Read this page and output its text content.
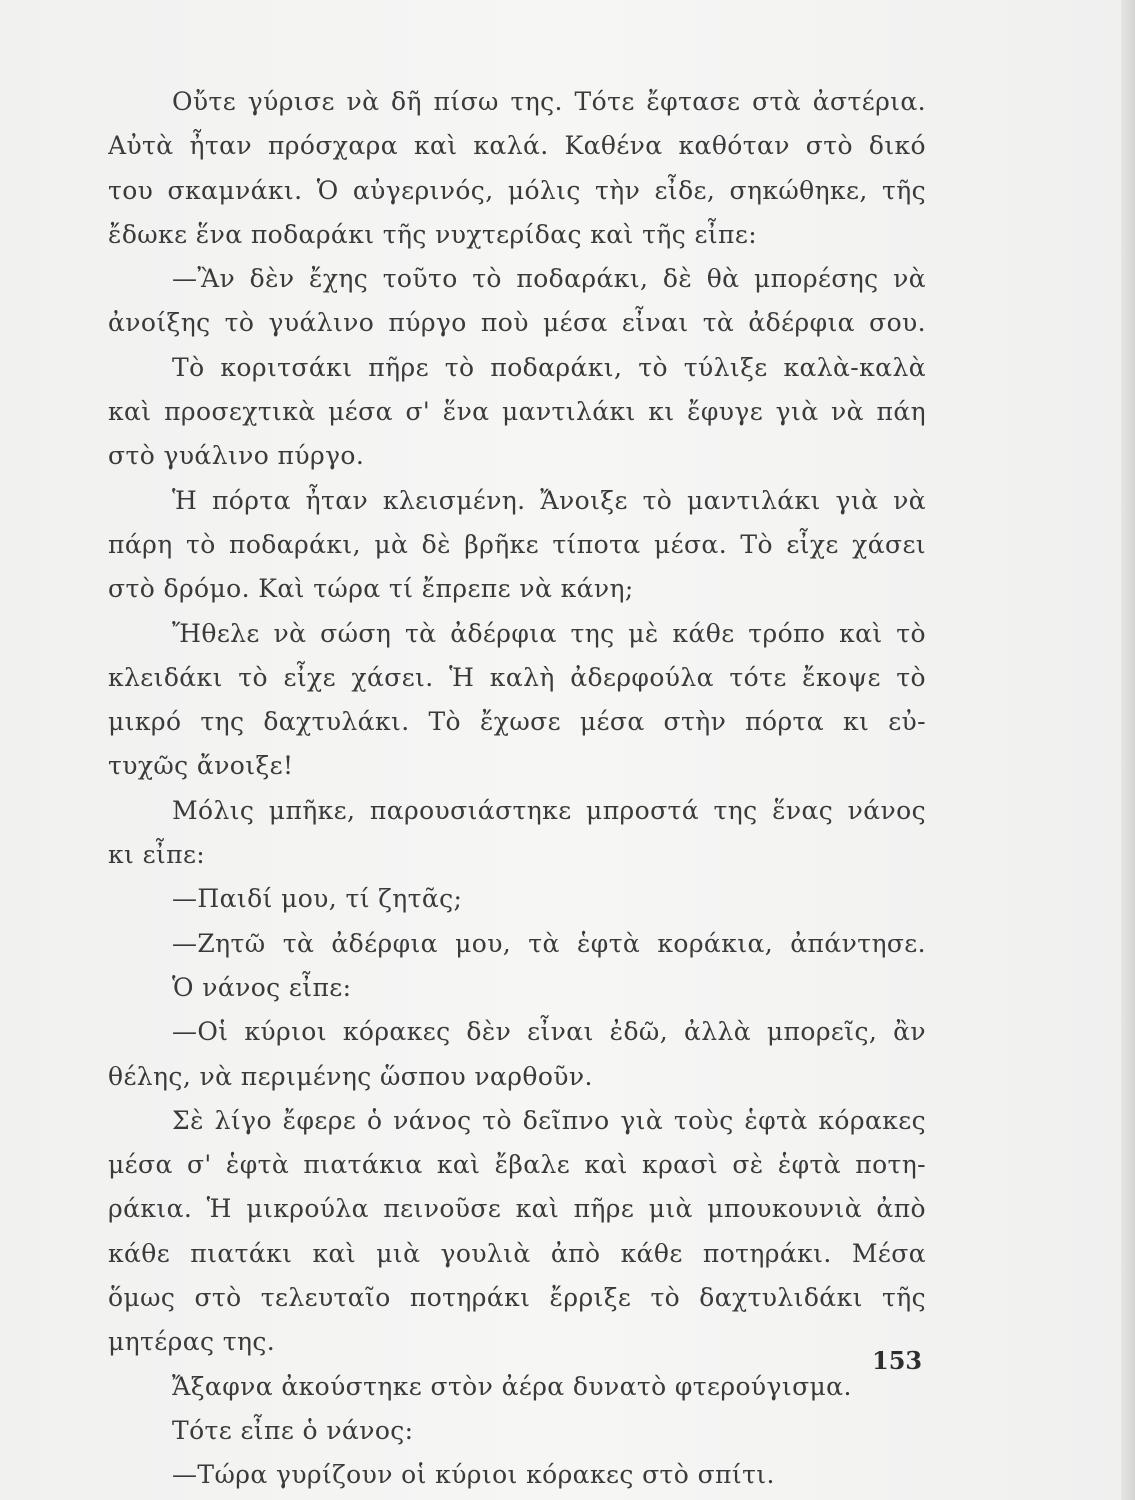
Οὔτε γύρισε νὰ δῆ πίσω της. Τότε ἔφτασε στὰ ἀστέρια.
Αὐτὰ ἦταν πρόσχαρα καὶ καλά. Καθένα καθόταν στὸ δικό
του σκαμνάκι. Ὁ αὐγερινός, μόλις τὴν εἶδε, σηκώθηκε, τῆς
ἔδωκε ἕνα ποδαράκι τῆς νυχτερίδας καὶ τῆς εἶπε:
—Ἂν δὲν ἔχης τοῦτο τὸ ποδαράκι, δὲ θὰ μπορέσης νὰ
ἀνοίξης τὸ γυάλινο πύργο ποὺ μέσα εἶναι τὰ ἀδέρφια σου.
Τὸ κοριτσάκι πῆρε τὸ ποδαράκι, τὸ τύλιξε καλὰ-καλὰ
καὶ προσεχτικὰ μέσα σ' ἕνα μαντιλάκι κι ἔφυγε γιὰ νὰ πάη
στὸ γυάλινο πύργο.
Ἡ πόρτα ἦταν κλεισμένη. Ἄνοιξε τὸ μαντιλάκι γιὰ νὰ
πάρη τὸ ποδαράκι, μὰ δὲ βρῆκε τίποτα μέσα. Τὸ εἶχε χάσει
στὸ δρόμο. Καὶ τώρα τί ἔπρεπε νὰ κάνη;
Ἤθελε νὰ σώση τὰ ἀδέρφια της μὲ κάθε τρόπο καὶ τὸ
κλειδάκι τὸ εἶχε χάσει. Ἡ καλὴ ἀδερφούλα τότε ἔκοψε τὸ
μικρό της δαχτυλάκι. Τὸ ἔχωσε μέσα στὴν πόρτα κι εὐ-
τυχῶς ἄνοιξε!
Μόλις μπῆκε, παρουσιάστηκε μπροστά της ἕνας νάνος
κι εἶπε:
—Παιδί μου, τί ζητᾶς;
—Ζητῶ τὰ ἀδέρφια μου, τὰ ἑφτὰ κοράκια, ἀπάντησε.
Ὁ νάνος εἶπε:
—Οἱ κύριοι κόρακες δὲν εἶναι ἐδῶ, ἀλλὰ μπορεῖς, ἂν
θέλης, νὰ περιμένης ὥσπου ναρθοῦν.
Σὲ λίγο ἔφερε ὁ νάνος τὸ δεῖπνο γιὰ τοὺς ἑφτὰ κόρακες
μέσα σ' ἑφτὰ πιατάκια καὶ ἔβαλε καὶ κρασὶ σὲ ἑφτὰ ποτη-
ράκια. Ἡ μικρούλα πεινοῦσε καὶ πῆρε μιὰ μπουκουνιὰ ἀπὸ
κάθε πιατάκι καὶ μιὰ γουλιὰ ἀπὸ κάθε ποτηράκι. Μέσα
ὅμως στὸ τελευταῖο ποτηράκι ἔρριξε τὸ δαχτυλιδάκι τῆς
μητέρας της.
Ἄξαφνα ἀκούστηκε στὸν ἀέρα δυνατὸ φτερούγισμα.
Τότε εἶπε ὁ νάνος:
—Τώρα γυρίζουν οἱ κύριοι κόρακες στὸ σπίτι.
153
